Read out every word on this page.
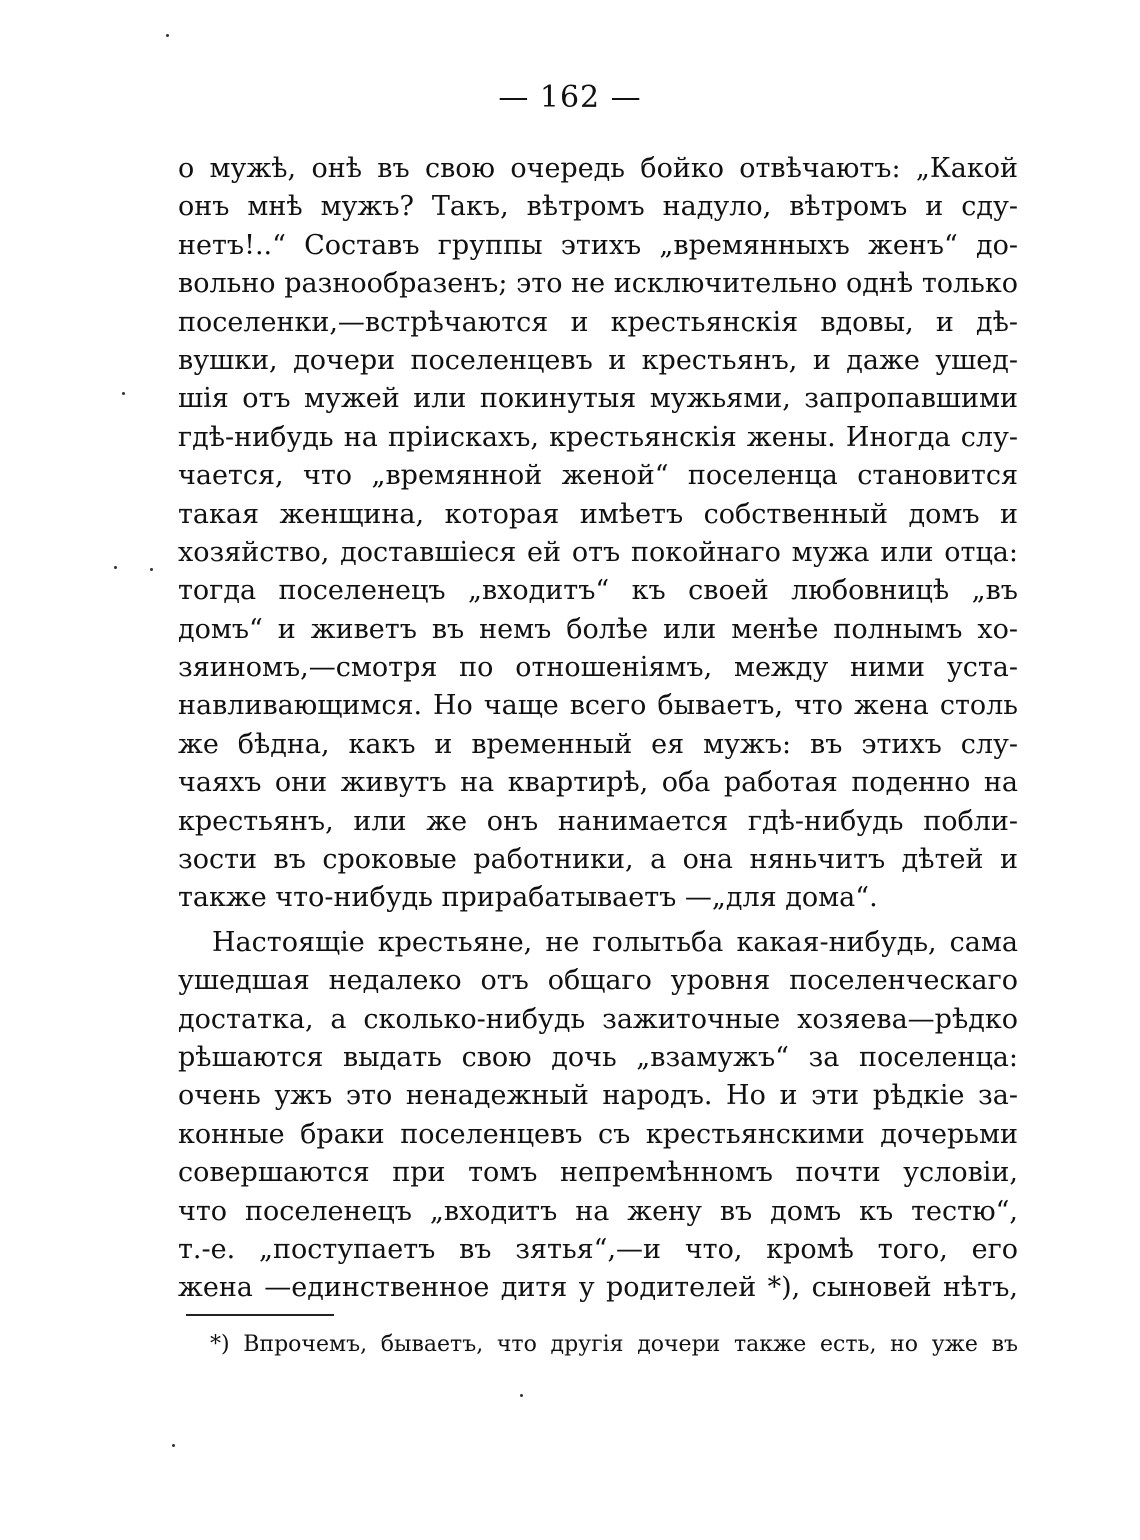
— 162 —
о мужѣ, онѣ въ свою очередь бойко отвѣчаютъ: „Какой
онъ мнѣ мужъ? Такъ, вѣтромъ надуло, вѣтромъ и сду-
нетъ!..“ Составъ группы этихъ „времянныхъ женъ“ до-
вольно разнообразенъ; это не исключительно однѣ только
поселенки,—встрѣчаются и крестьянскія вдовы, и дѣ-
вушки, дочери поселенцевъ и крестьянъ, и даже ушед-
шія отъ мужей или покинутыя мужьями, запропавшими
гдѣ-нибудь на пріискахъ, крестьянскія жены. Иногда слу-
чается, что „времянной женой“ поселенца становится
такая женщина, которая имѣетъ собственный домъ и
хозяйство, доставшіеся ей отъ покойнаго мужа или отца:
тогда поселенецъ „входитъ“ къ своей любовницѣ „въ
домъ“ и живетъ въ немъ болѣе или менѣе полнымъ хо-
зяиномъ,—смотря по отношеніямъ, между ними уста-
навливающимся. Но чаще всего бываетъ, что жена столь
же бѣдна, какъ и временный ея мужъ: въ этихъ слу-
чаяхъ они живутъ на квартирѣ, оба работая поденно на
крестьянъ, или же онъ нанимается гдѣ-нибудь побли-
зости въ сроковые работники, а она няньчитъ дѣтей и
также что-нибудь прирабатываетъ —„для дома“.
Настоящіе крестьяне, не голытьба какая-нибудь, сама
ушедшая недалеко отъ общаго уровня поселенческаго
достатка, а сколько-нибудь зажиточные хозяева—рѣдко
рѣшаются выдать свою дочь „взамужъ“ за поселенца:
очень ужъ это ненадежный народъ. Но и эти рѣдкіе за-
конные браки поселенцевъ съ крестьянскими дочерьми
совершаются при томъ непремѣнномъ почти условіи,
что поселенецъ „входитъ на жену въ домъ къ тестю“,
т.-е. „поступаетъ въ зятья“,—и что, кромѣ того, его
жена —единственное дитя у родителей *), сыновей нѣтъ,
*) Впрочемъ, бываетъ, что другія дочери также есть, но уже въ
